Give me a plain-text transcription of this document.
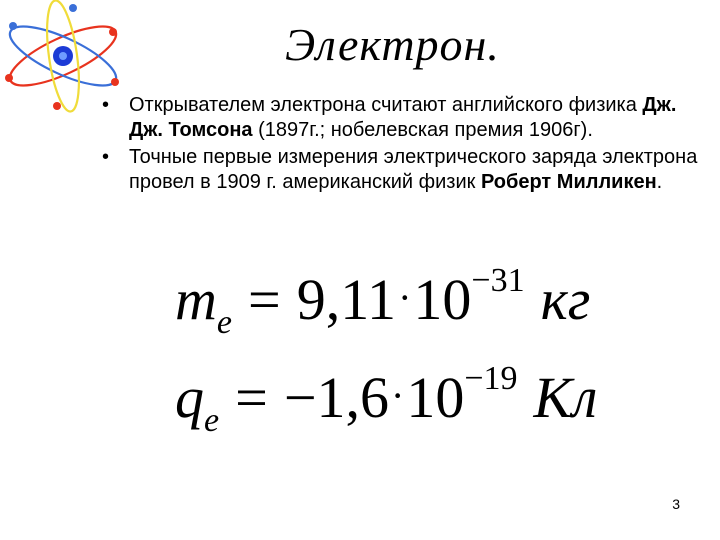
Электрон.
• Открывателем электрона считают английского физика Дж. Дж. Томсона (1897г.; нобелевская премия 1906г).
• Точные первые измерения электрического заряда электрона провел в 1909 г. американский физик Роберт Милликен.
$m_e = 9,11\cdot 10^{-31}$ кг
$q_e = -1,6\cdot 10^{-19}$ Кл
3
